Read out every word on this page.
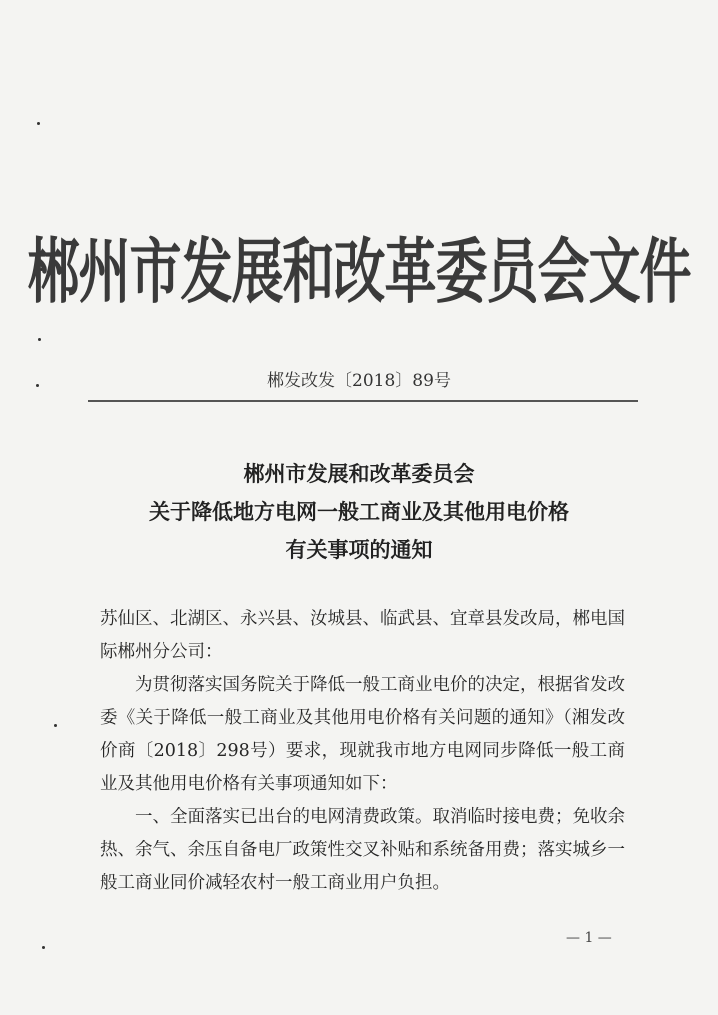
郴州市发展和改革委员会文件
郴发改发〔2018〕89号
郴州市发展和改革委员会
关于降低地方电网一般工商业及其他用电价格
有关事项的通知

苏仙区、北湖区、永兴县、汝城县、临武县、宜章县发改局，郴电国际郴州分公司：

为贯彻落实国务院关于降低一般工商业电价的决定，根据省发改委《关于降低一般工商业及其他用电价格有关问题的通知》（湘发改价商〔2018〕298号）要求，现就我市地方电网同步降低一般工商业及其他用电价格有关事项通知如下：

一、全面落实已出台的电网清费政策。取消临时接电费；免收余热、余气、余压自备电厂政策性交叉补贴和系统备用费；落实城乡一般工商业同价减轻农村一般工商业用户负担。

— 1 —
